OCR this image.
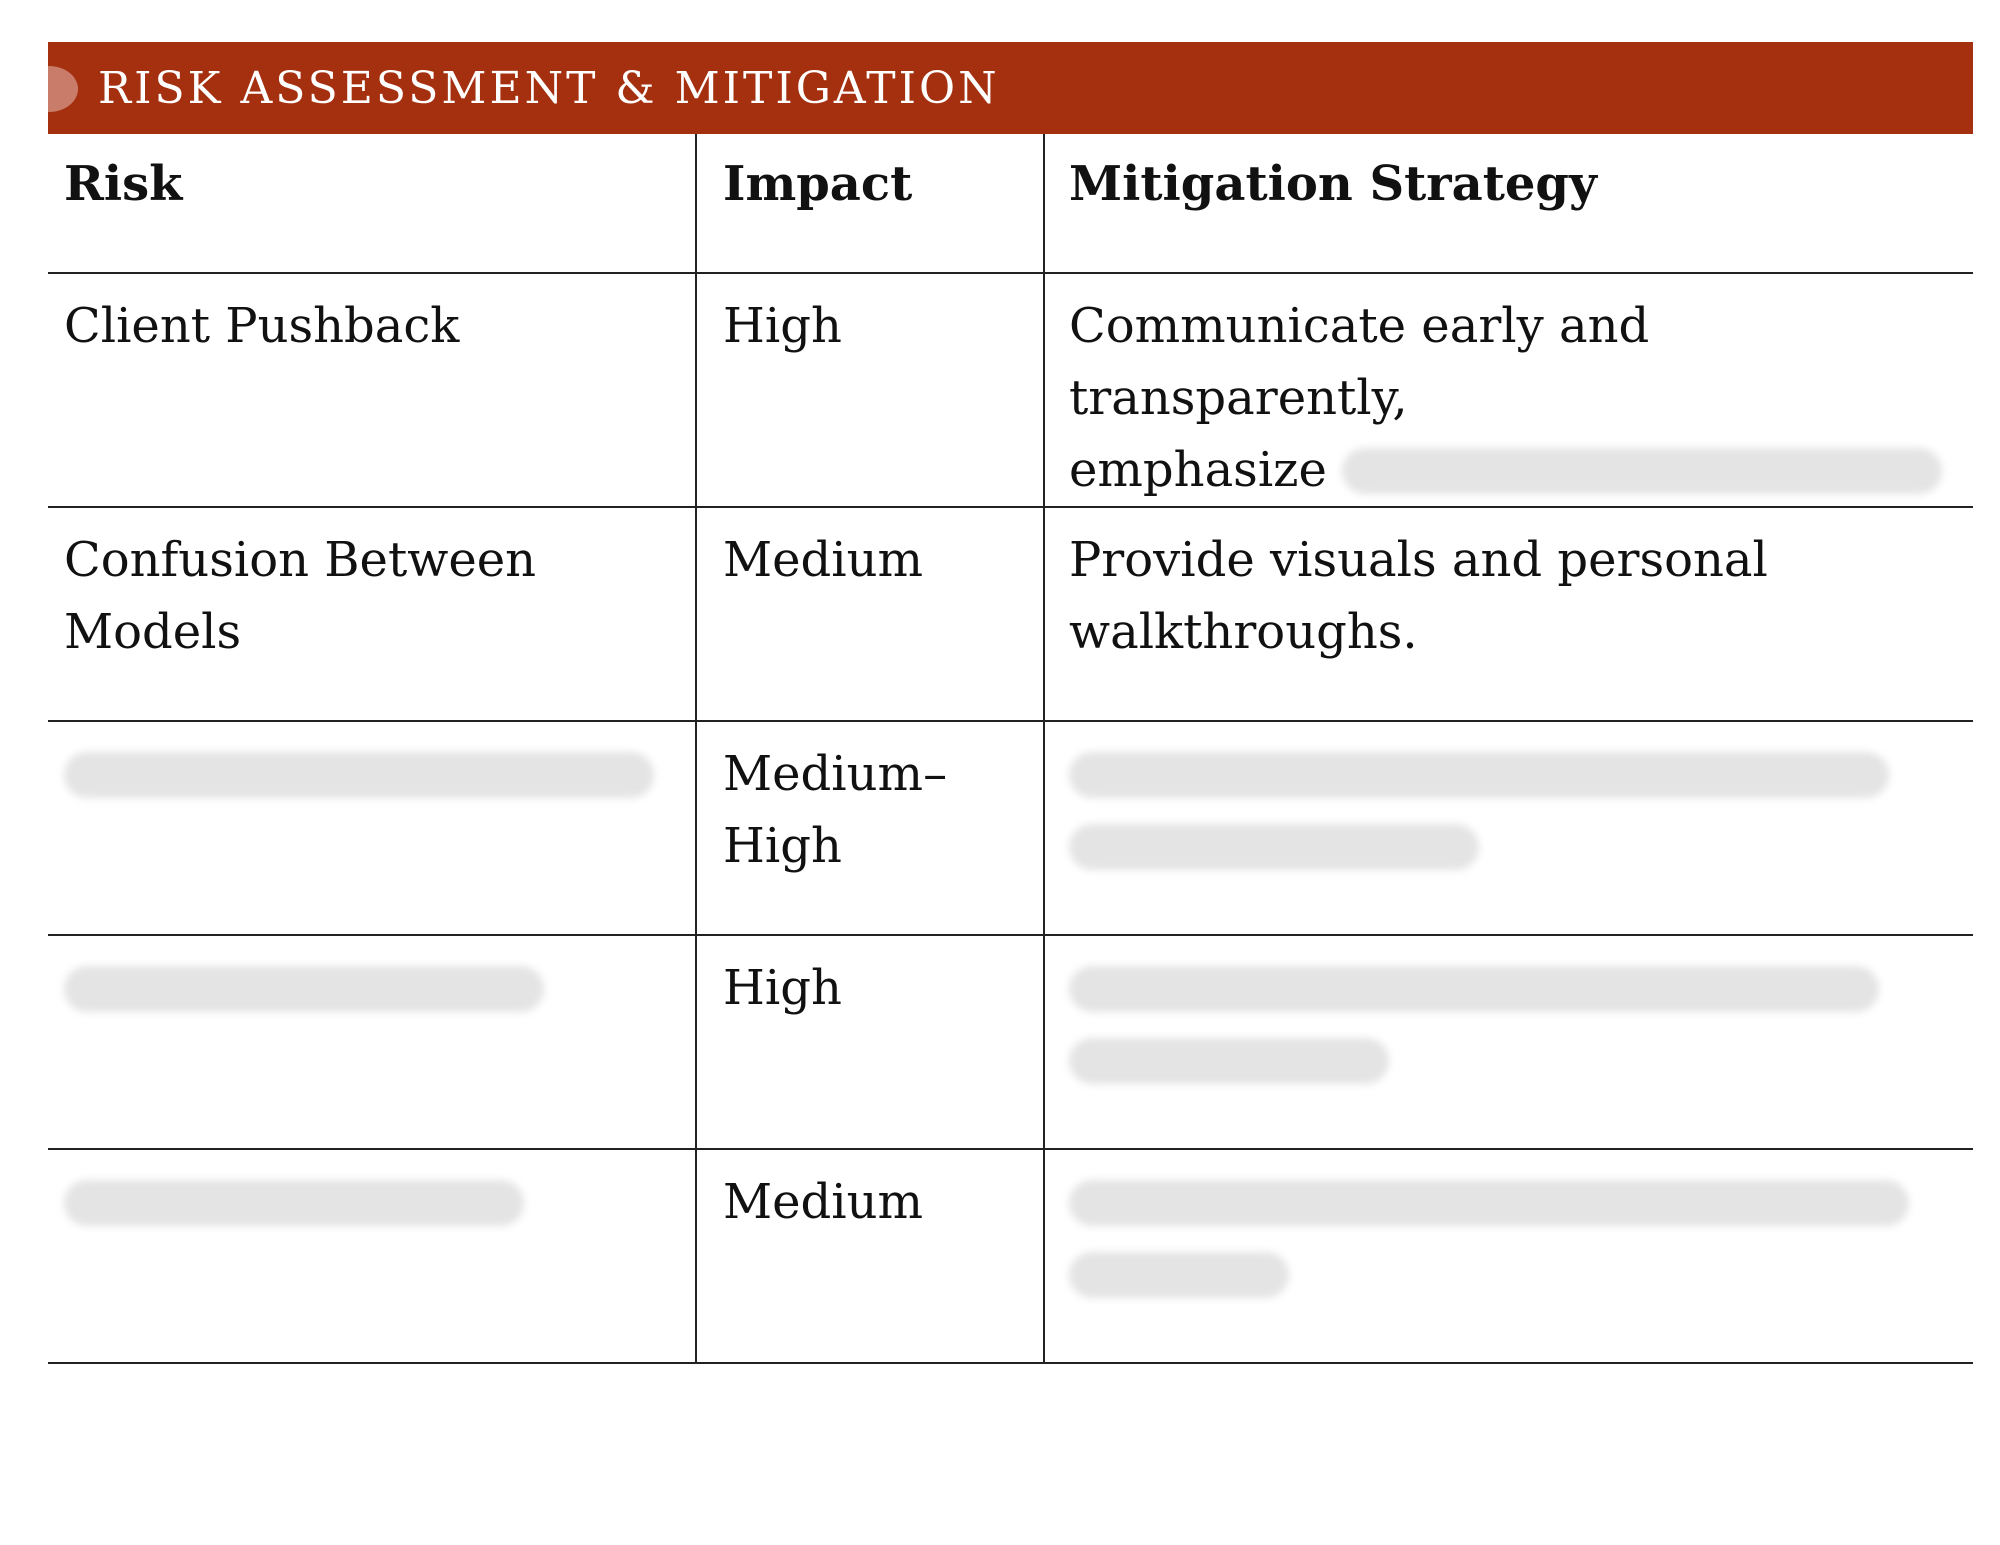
RISK ASSESSMENT & MITIGATION
Risk	Impact	Mitigation Strategy
Client Pushback	High	Communicate early and transparently,
emphasize

Confusion Between
Models	Medium	Provide visuals and personal
walkthroughs.

	Medium–
High	

	High	

	Medium	
